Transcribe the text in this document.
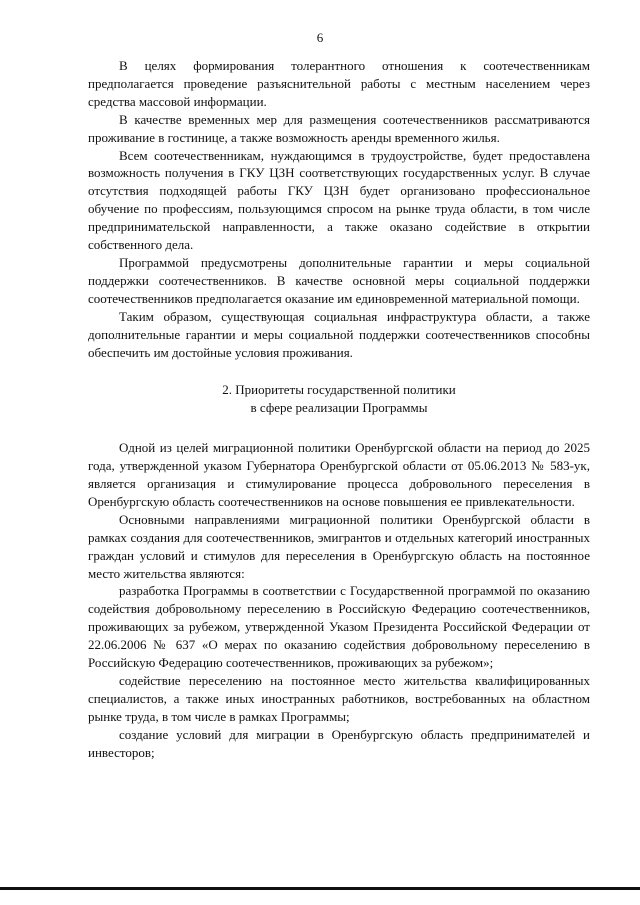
6

В целях формирования толерантного отношения к соотечественникам предполагается проведение разъяснительной работы с местным населением через средства массовой информации.

В качестве временных мер для размещения соотечественников рассматриваются проживание в гостинице, а также возможность аренды временного жилья.

Всем соотечественникам, нуждающимся в трудоустройстве, будет предоставлена возможность получения в ГКУ ЦЗН соответствующих государственных услуг. В случае отсутствия подходящей работы ГКУ ЦЗН будет организовано профессиональное обучение по профессиям, пользующимся спросом на рынке труда области, в том числе предпринимательской направленности, а также оказано содействие в открытии собственного дела.

Программой предусмотрены дополнительные гарантии и меры социальной поддержки соотечественников. В качестве основной меры социальной поддержки соотечественников предполагается оказание им единовременной материальной помощи.

Таким образом, существующая социальная инфраструктура области, а также дополнительные гарантии и меры социальной поддержки соотечественников способны обеспечить им достойные условия проживания.

2. Приоритеты государственной политики
в сфере реализации Программы

Одной из целей миграционной политики Оренбургской области на период до 2025 года, утвержденной указом Губернатора Оренбургской области от 05.06.2013 № 583-ук, является организация и стимулирование процесса добровольного переселения в Оренбургскую область соотечественников на основе повышения ее привлекательности.

Основными направлениями миграционной политики Оренбургской области в рамках создания для соотечественников, эмигрантов и отдельных категорий иностранных граждан условий и стимулов для переселения в Оренбургскую область на постоянное место жительства являются:

разработка Программы в соответствии с Государственной программой по оказанию содействия добровольному переселению в Российскую Федерацию соотечественников, проживающих за рубежом, утвержденной Указом Президента Российской Федерации от 22.06.2006 № 637 «О мерах по оказанию содействия добровольному переселению в Российскую Федерацию соотечественников, проживающих за рубежом»;

содействие переселению на постоянное место жительства квалифицированных специалистов, а также иных иностранных работников, востребованных на областном рынке труда, в том числе в рамках Программы;

создание условий для миграции в Оренбургскую область предпринимателей и инвесторов;
